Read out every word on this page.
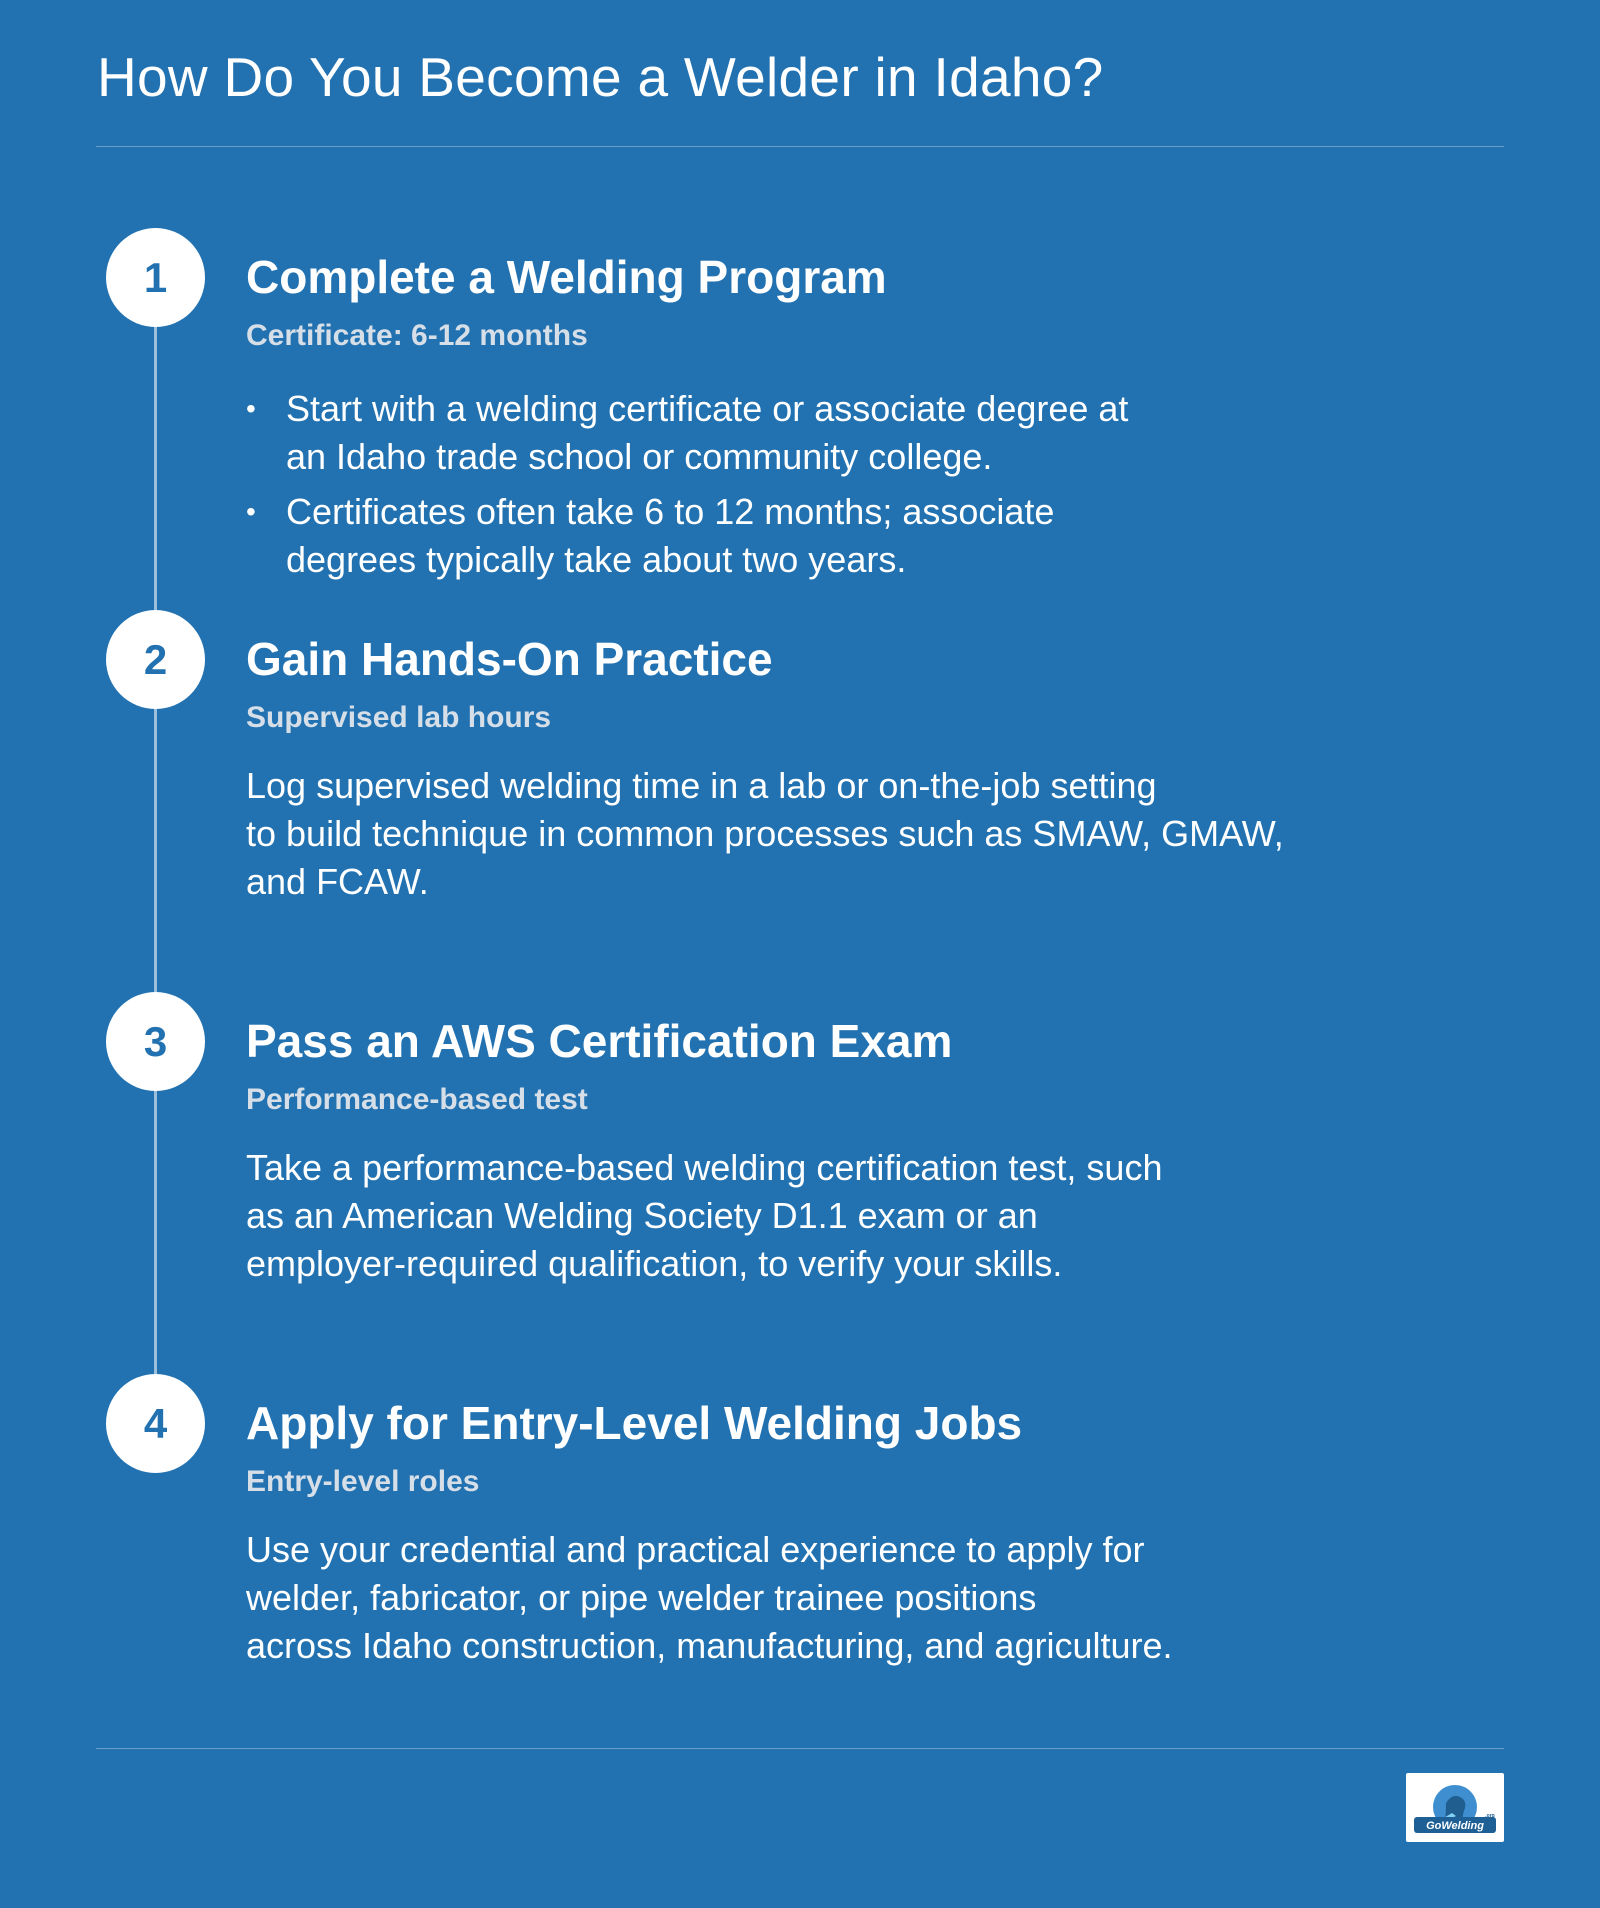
How Do You Become a Welder in Idaho?
1	Complete a Welding Program

Certificate: 6-12 months

• Start with a welding certificate or associate degree at
an Idaho trade school or community college.
• Certificates often take 6 to 12 months; associate
degrees typically take about two years.
2	Gain Hands-On Practice

Supervised lab hours

Log supervised welding time in a lab or on-the-job setting
to build technique in common processes such as SMAW, GMAW,
and FCAW.

3	Pass an AWS Certification Exam

Performance-based test

Take a performance-based welding certification test, such
as an American Welding Society D1.1 exam or an
employer-required qualification, to verify your skills.

4	Apply for Entry-Level Welding Jobs

Entry-level roles

Use your credential and practical experience to apply for
welder, fabricator, or pipe welder trainee positions
across Idaho construction, manufacturing, and agriculture.

GoWelding
.org
